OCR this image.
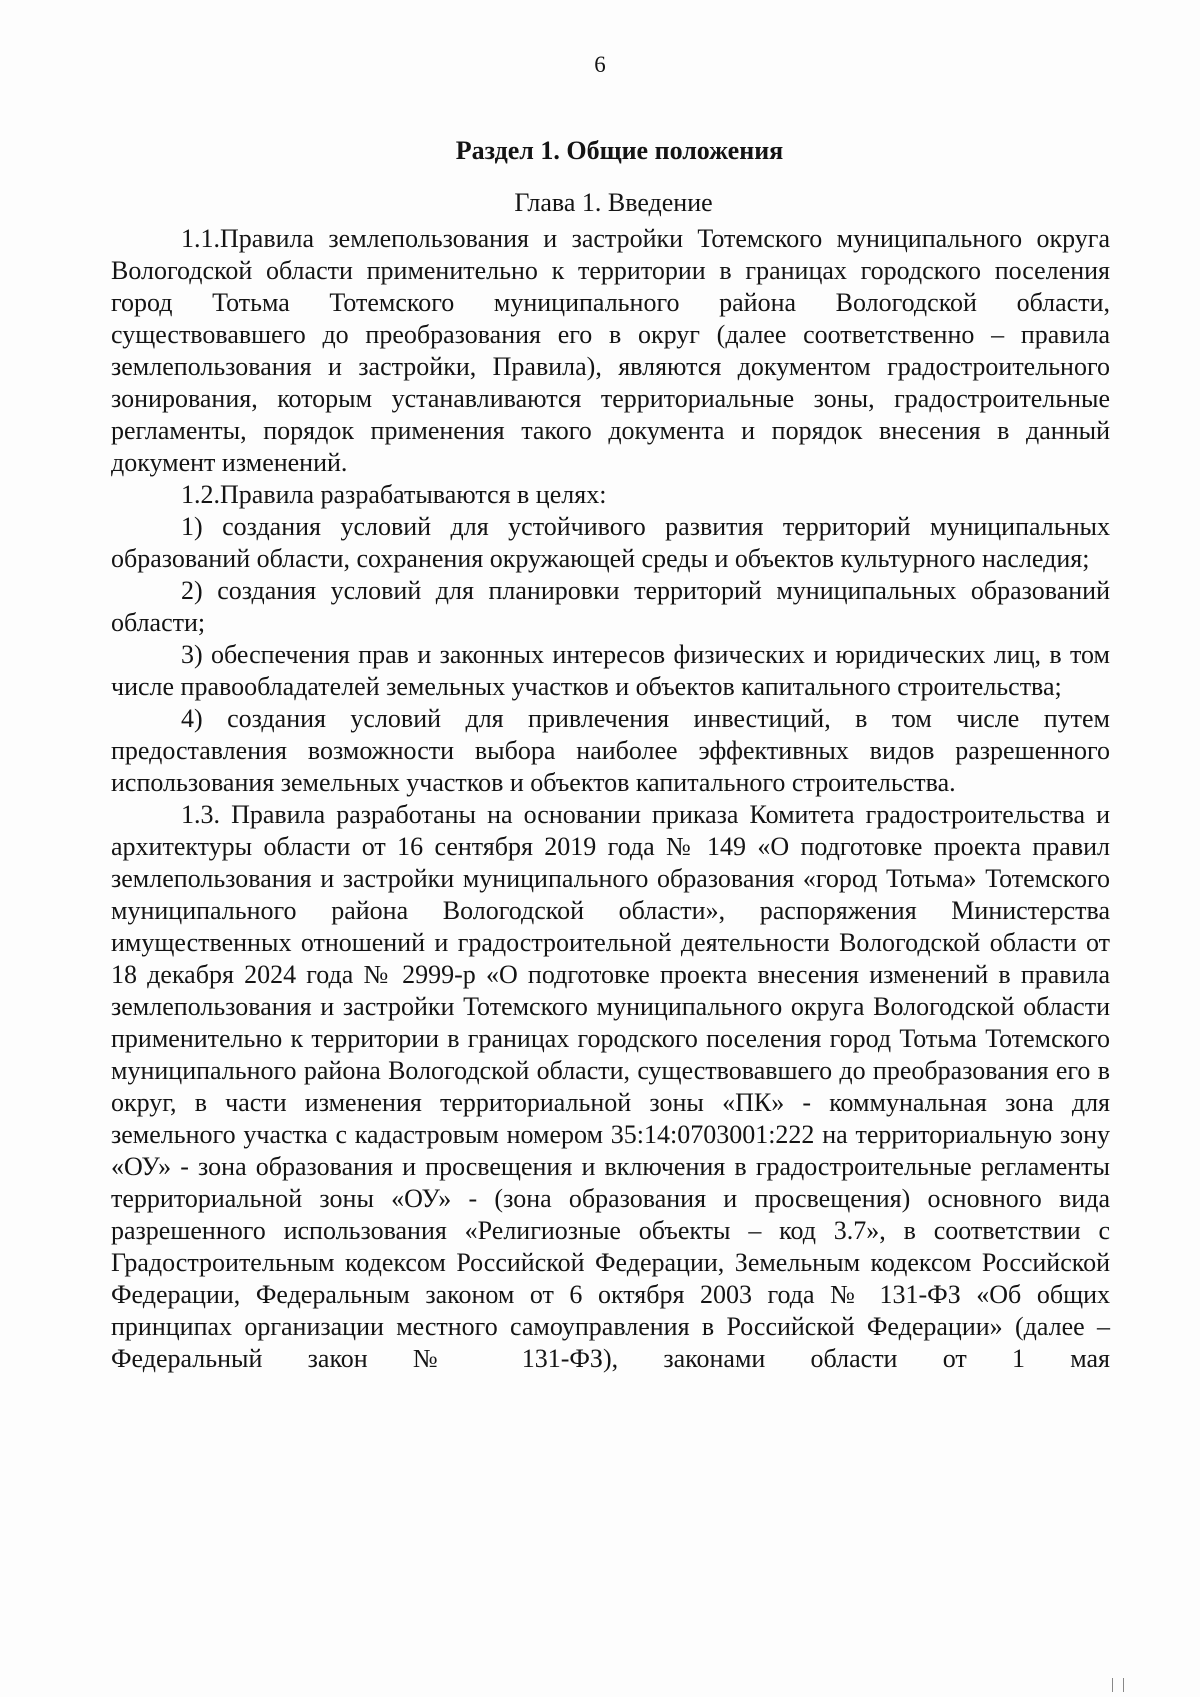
6
Раздел 1. Общие положения
Глава 1. Введение

1.1.Правила землепользования и застройки Тотемского муниципального округа Вологодской области применительно к территории в границах городского поселения город Тотьма Тотемского муниципального района Вологодской области, существовавшего до преобразования его в округ (далее соответственно – правила землепользования и застройки, Правила), являются документом градостроительного зонирования, которым устанавливаются территориальные зоны, градостроительные регламенты, порядок применения такого документа и порядок внесения в данный документ изменений.

1.2.Правила разрабатываются в целях:

1) создания условий для устойчивого развития территорий муниципальных образований области, сохранения окружающей среды и объектов культурного наследия;

2) создания условий для планировки территорий муниципальных образований области;

3) обеспечения прав и законных интересов физических и юридических лиц, в том числе правообладателей земельных участков и объектов капитального строительства;

4) создания условий для привлечения инвестиций, в том числе путем предоставления возможности выбора наиболее эффективных видов разрешенного использования земельных участков и объектов капитального строительства.

1.3. Правила разработаны на основании приказа Комитета градостроительства и архитектуры области от 16 сентября 2019 года № 149 «О подготовке проекта правил землепользования и застройки муниципального образования «город Тотьма» Тотемского муниципального района Вологодской области», распоряжения Министерства имущественных отношений и градостроительной деятельности Вологодской области от 18 декабря 2024 года № 2999-р «О подготовке проекта внесения изменений в правила землепользования и застройки Тотемского муниципального округа Вологодской области применительно к территории в границах городского поселения город Тотьма Тотемского муниципального района Вологодской области, существовавшего до преобразования его в округ, в части изменения территориальной зоны «ПК» - коммунальная зона для земельного участка с кадастровым номером 35:14:0703001:222 на территориальную зону «ОУ» - зона образования и просвещения и включения в градостроительные регламенты территориальной зоны «ОУ» - (зона образования и просвещения) основного вида разрешенного использования «Религиозные объекты – код 3.7», в соответствии с Градостроительным кодексом Российской Федерации, Земельным кодексом Российской Федерации, Федеральным законом от 6 октября 2003 года № 131-ФЗ «Об общих принципах организации местного самоуправления в Российской Федерации» (далее – Федеральный закон № 131-ФЗ), законами области от 1 мая
